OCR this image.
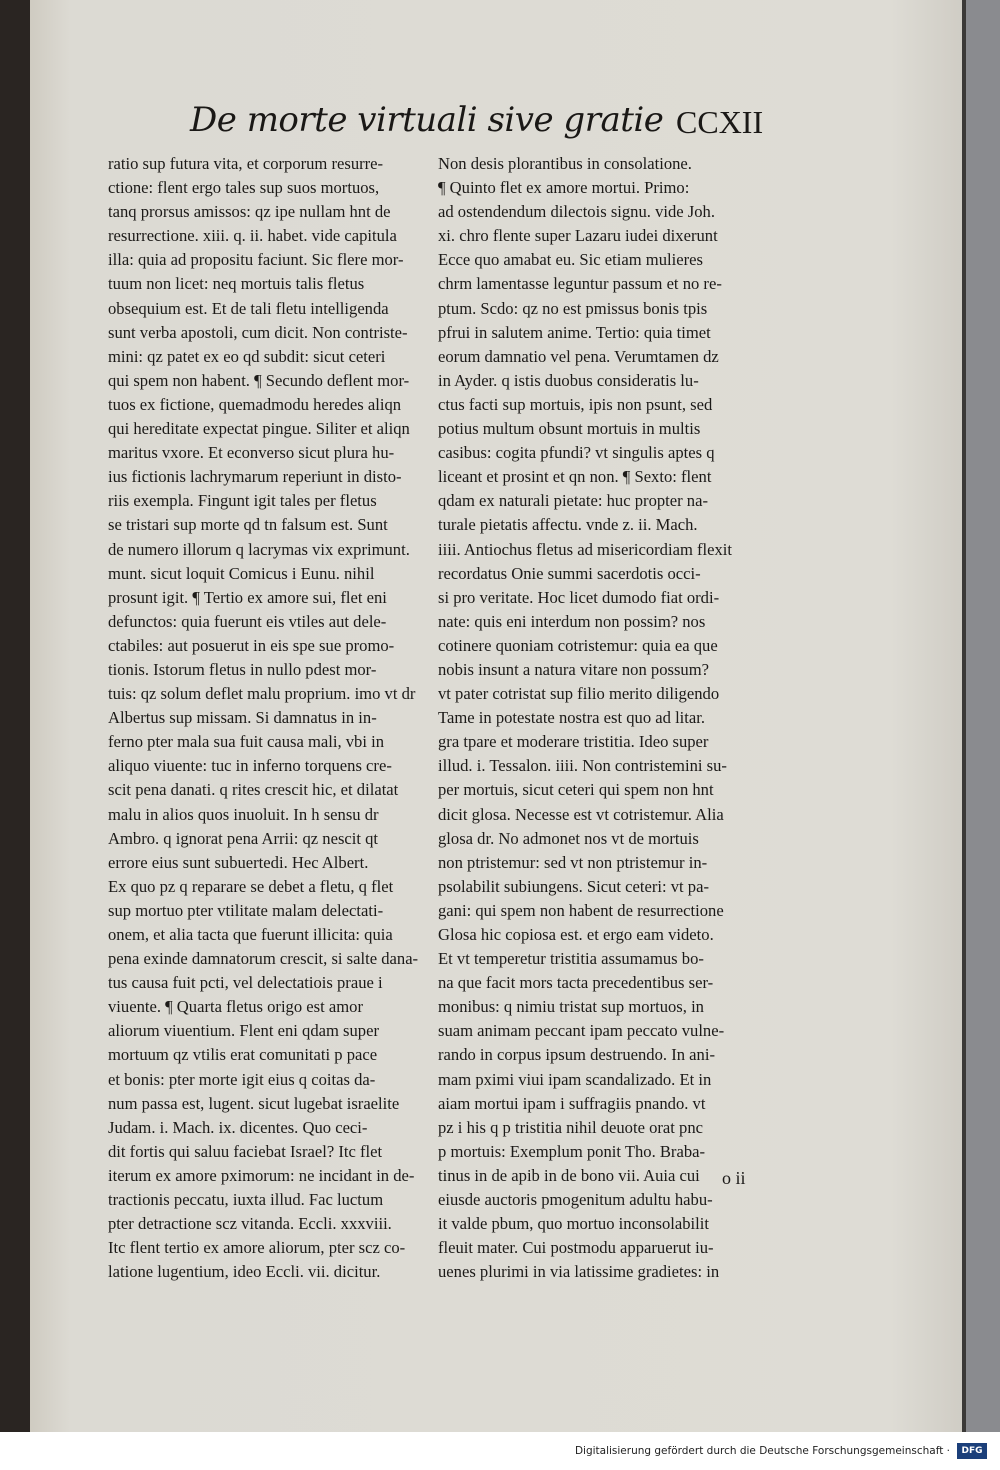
De morte virtuali sive gratie CCXII
ratio sup futura vita, et corporum resurre-
ctione: flent ergo tales sup suos mortuos,
tanq prorsus amissos: qz ipe nullam hnt de
resurrectione. xiii. q. ii. habet. vide capitula
illa: quia ad propositu faciunt. Sic flere mor-
tuum non licet: neq mortuis talis fletus
obsequium est. Et de tali fletu intelligenda
sunt verba apostoli, cum dicit. Non contriste-
mini: qz patet ex eo qd subdit: sicut ceteri
qui spem non habent. ¶ Secundo deflent mor-
tuos ex fictione, quemadmodu heredes aliqn
qui hereditate expectat pingue. Siliter et aliqn
maritus vxore. Et econverso sicut plura hu-
ius fictionis lachrymarum reperiunt in disto-
riis exempla. Fingunt igit tales per fletus
se tristari sup morte qd tn falsum est. Sunt
de numero illorum q lacrymas vix exprimunt.
munt. sicut loquit Comicus i Eunu. nihil
prosunt igit. ¶ Tertio ex amore sui, flet eni
defunctos: quia fuerunt eis vtiles aut dele-
ctabiles: aut posuerut in eis spe sue promo-
tionis. Istorum fletus in nullo pdest mor-
tuis: qz solum deflet malu proprium. imo vt dr
Albertus sup missam. Si damnatus in in-
ferno pter mala sua fuit causa mali, vbi in
aliquo viuente: tuc in inferno torquens cre-
scit pena danati. q rites crescit hic, et dilatat
malu in alios quos inuoluit. In h sensu dr
Ambro. q ignorat pena Arrii: qz nescit qt
errore eius sunt subuertedi. Hec Albert.
Ex quo pz q reparare se debet a fletu, q flet
sup mortuo pter vtilitate malam delectati-
onem, et alia tacta que fuerunt illicita: quia
pena exinde damnatorum crescit, si salte dana-
tus causa fuit pcti, vel delectatiois praue i
viuente. ¶ Quarta fletus origo est amor
aliorum viuentium. Flent eni qdam super
mortuum qz vtilis erat comunitati p pace
et bonis: pter morte igit eius q coitas da-
num passa est, lugent. sicut lugebat israelite
Judam. i. Mach. ix. dicentes. Quo ceci-
dit fortis qui saluu faciebat Israel? Itc flet
iterum ex amore pximorum: ne incidant in de-
tractionis peccatu, iuxta illud. Fac luctum
pter detractione scz vitanda. Eccli. xxxviii.
Itc flent tertio ex amore aliorum, pter scz co-
latione lugentium, ideo Eccli. vii. dicitur.
Non desis plorantibus in consolatione.
¶ Quinto flet ex amore mortui. Primo:
ad ostendendum dilectois signu. vide Joh.
xi. chro flente super Lazaru iudei dixerunt
Ecce quo amabat eu. Sic etiam mulieres
chrm lamentasse leguntur passum et no re-
ptum. Scdo: qz no est pmissus bonis tpis
pfrui in salutem anime. Tertio: quia timet
eorum damnatio vel pena. Verumtamen dz
in Ayder. q istis duobus consideratis lu-
ctus facti sup mortuis, ipis non psunt, sed
potius multum obsunt mortuis in multis
casibus: cogita pfundi? vt singulis aptes q
liceant et prosint et qn non. ¶ Sexto: flent
qdam ex naturali pietate: huc propter na-
turale pietatis affectu. vnde z. ii. Mach.
iiii. Antiochus fletus ad misericordiam flexit
recordatus Onie summi sacerdotis occi-
si pro veritate. Hoc licet dumodo fiat ordi-
nate: quis eni interdum non possim? nos
cotinere quoniam cotristemur: quia ea que
nobis insunt a natura vitare non possum?
vt pater cotristat sup filio merito diligendo
Tame in potestate nostra est quo ad litar.
gra tpare et moderare tristitia. Ideo super
illud. i. Tessalon. iiii. Non contristemini su-
per mortuis, sicut ceteri qui spem non hnt
dicit glosa. Necesse est vt cotristemur. Alia
glosa dr. No admonet nos vt de mortuis
non ptristemur: sed vt non ptristemur in-
psolabilit subiungens. Sicut ceteri: vt pa-
gani: qui spem non habent de resurrectione
Glosa hic copiosa est. et ergo eam videto.
Et vt temperetur tristitia assumamus bo-
na que facit mors tacta precedentibus ser-
monibus: q nimiu tristat sup mortuos, in
suam animam peccant ipam peccato vulne-
rando in corpus ipsum destruendo. In ani-
mam pximi viui ipam scandalizado. Et in
aiam mortui ipam i suffragiis pnando. vt
pz i his q p tristitia nihil deuote orat pnc
p mortuis: Exemplum ponit Tho. Braba-
tinus in de apib in de bono vii. Auia cui
eiusde auctoris pmogenitum adultu habu-
it valde pbum, quo mortuo inconsolabilit
fleuit mater. Cui postmodu apparuerut iu-
uenes plurimi in via latissime gradietes: in
o ii
Digitalisierung gefördert durch die Deutsche Forschungsgemeinschaft ·	DFG
